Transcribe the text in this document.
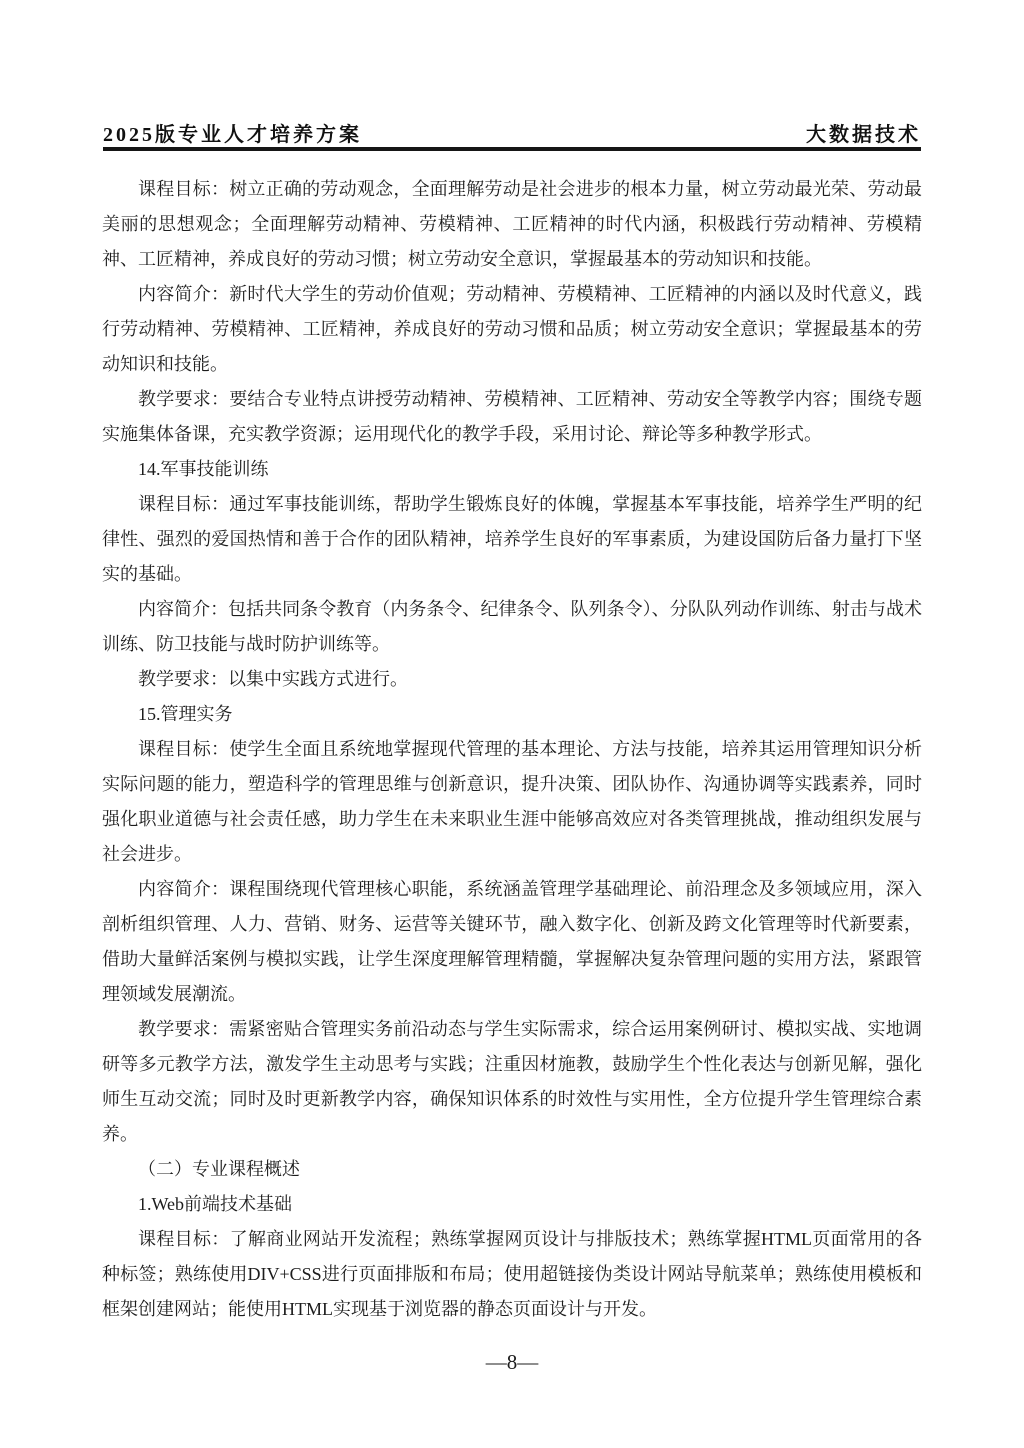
2025版专业人才培养方案	大数据技术

课程目标：树立正确的劳动观念，全面理解劳动是社会进步的根本力量，树立劳动最光荣、劳动最美丽的思想观念；全面理解劳动精神、劳模精神、工匠精神的时代内涵，积极践行劳动精神、劳模精神、工匠精神，养成良好的劳动习惯；树立劳动安全意识，掌握最基本的劳动知识和技能。

内容简介：新时代大学生的劳动价值观；劳动精神、劳模精神、工匠精神的内涵以及时代意义，践行劳动精神、劳模精神、工匠精神，养成良好的劳动习惯和品质；树立劳动安全意识；掌握最基本的劳动知识和技能。

教学要求：要结合专业特点讲授劳动精神、劳模精神、工匠精神、劳动安全等教学内容；围绕专题实施集体备课，充实教学资源；运用现代化的教学手段，采用讨论、辩论等多种教学形式。

14.军事技能训练

课程目标：通过军事技能训练，帮助学生锻炼良好的体魄，掌握基本军事技能，培养学生严明的纪律性、强烈的爱国热情和善于合作的团队精神，培养学生良好的军事素质，为建设国防后备力量打下坚实的基础。

内容简介：包括共同条令教育（内务条令、纪律条令、队列条令）、分队队列动作训练、射击与战术训练、防卫技能与战时防护训练等。

教学要求：以集中实践方式进行。

15.管理实务

课程目标：使学生全面且系统地掌握现代管理的基本理论、方法与技能，培养其运用管理知识分析实际问题的能力，塑造科学的管理思维与创新意识，提升决策、团队协作、沟通协调等实践素养，同时强化职业道德与社会责任感，助力学生在未来职业生涯中能够高效应对各类管理挑战，推动组织发展与社会进步。

内容简介：课程围绕现代管理核心职能，系统涵盖管理学基础理论、前沿理念及多领域应用，深入剖析组织管理、人力、营销、财务、运营等关键环节，融入数字化、创新及跨文化管理等时代新要素，借助大量鲜活案例与模拟实践，让学生深度理解管理精髓，掌握解决复杂管理问题的实用方法，紧跟管理领域发展潮流。

教学要求：需紧密贴合管理实务前沿动态与学生实际需求，综合运用案例研讨、模拟实战、实地调研等多元教学方法，激发学生主动思考与实践；注重因材施教，鼓励学生个性化表达与创新见解，强化师生互动交流；同时及时更新教学内容，确保知识体系的时效性与实用性，全方位提升学生管理综合素养。

（二）专业课程概述

1.Web前端技术基础

课程目标：了解商业网站开发流程；熟练掌握网页设计与排版技术；熟练掌握HTML页面常用的各种标签；熟练使用DIV+CSS进行页面排版和布局；使用超链接伪类设计网站导航菜单；熟练使用模板和框架创建网站；能使用HTML实现基于浏览器的静态页面设计与开发。

—8—
